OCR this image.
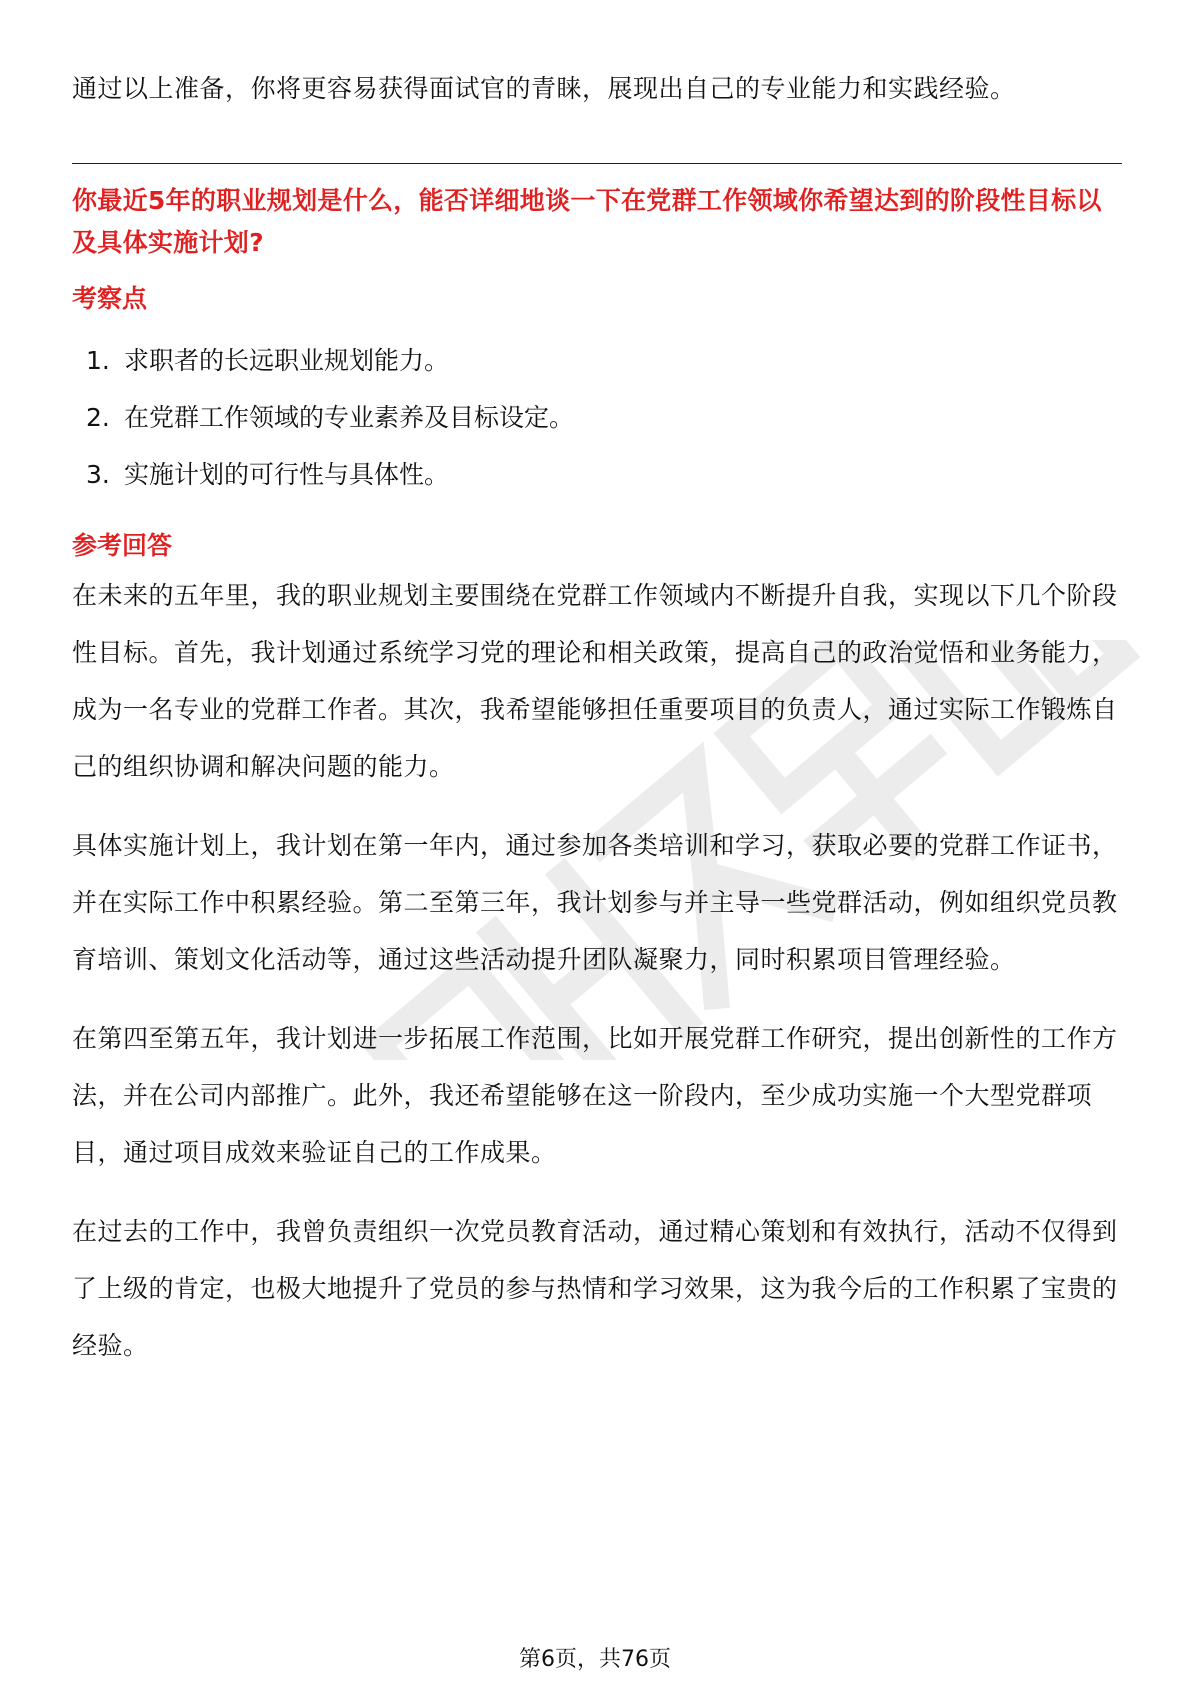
通过以上准备，你将更容易获得面试官的青睐，展现出自己的专业能力和实践经验。

你最近5年的职业规划是什么，能否详细地谈一下在党群工作领域你希望达到的阶段性目标以及具体实施计划?

考察点

1. 求职者的长远职业规划能力。
2. 在党群工作领域的专业素养及目标设定。
3. 实施计划的可行性与具体性。

参考回答

在未来的五年里，我的职业规划主要围绕在党群工作领域内不断提升自我，实现以下几个阶段性目标。首先，我计划通过系统学习党的理论和相关政策，提高自己的政治觉悟和业务能力，成为一名专业的党群工作者。其次，我希望能够担任重要项目的负责人，通过实际工作锻炼自己的组织协调和解决问题的能力。

具体实施计划上，我计划在第一年内，通过参加各类培训和学习，获取必要的党群工作证书，并在实际工作中积累经验。第二至第三年，我计划参与并主导一些党群活动，例如组织党员教育培训、策划文化活动等，通过这些活动提升团队凝聚力，同时积累项目管理经验。

在第四至第五年，我计划进一步拓展工作范围，比如开展党群工作研究，提出创新性的工作方法，并在公司内部推广。此外，我还希望能够在这一阶段内，至少成功实施一个大型党群项目，通过项目成效来验证自己的工作成果。

在过去的工作中，我曾负责组织一次党员教育活动，通过精心策划和有效执行，活动不仅得到了上级的肯定，也极大地提升了党员的参与热情和学习效果，这为我今后的工作积累了宝贵的经验。

第6页，共76页
